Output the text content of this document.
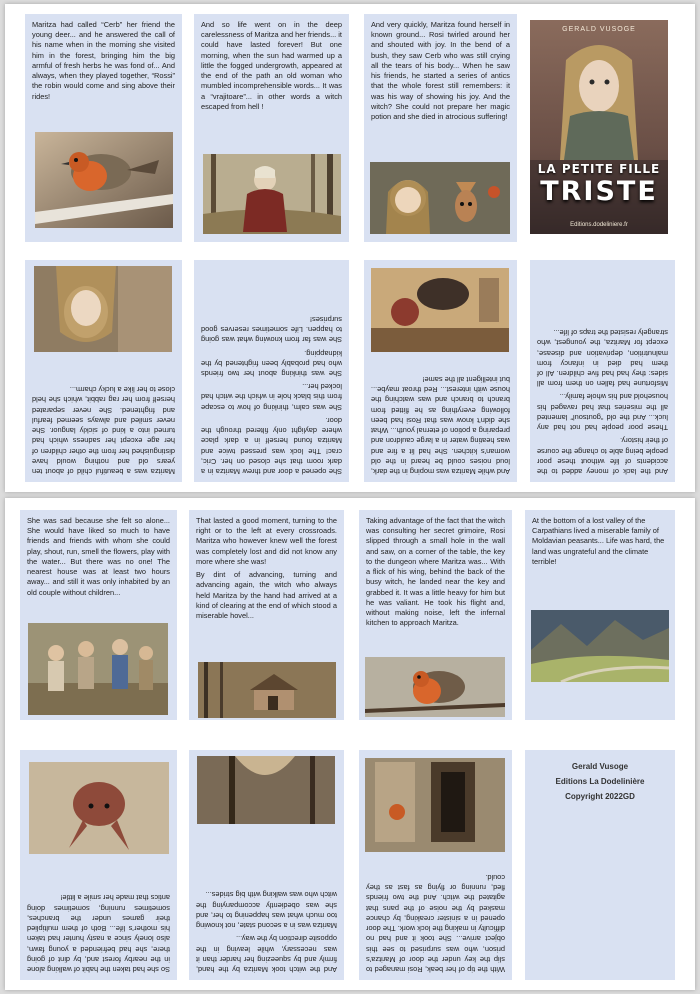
Maritza had called “Cerb” her friend the young deer... and he answered the call of his name when in the morning she visited him in the forest, bringing him the big armful of fresh herbs he was fond of... And always, when they played together, “Rossi” the robin would come and sing above their rides!
And so life went on in the deep carelessness of Maritza and her friends... it could have lasted forever! But one morning, when the sun had warmed up a little the fogged undergrowth, appeared at the end of the path an old woman who mumbled incomprehensible words... It was a “vrajitoare”... in other words a witch escaped from hell !
And very quickly, Maritza found herself in known ground... Rosi twirled around her and shouted with joy. In the bend of a bush, they saw Cerb who was still crying all the tears of his body... When he saw his friends, he started a series of antics that the whole forest still remembers: it was his way of showing his joy. And the witch? She could not prepare her magic potion and she died in atrocious suffering!
GERALD VUSOGE
LA PETITE FILLE
TRISTE
Editions.dodeliniere.fr

Maritza was a beautiful child of about ten years old and nothing would have distinguished her from the other children of her age except her sadness which had turned into a kind of sickly languor. She never smiled and always seemed fearful and frightened. She never separated herself from her rag rabbit, which she held close to her like a lucky charm...

She opened a door and threw Maritza in a dark room that she closed on her. Cric, crac! The lock was pressed twice and Maritza found herself in a dark place where daylight only filtered through the door.

She was calm, thinking of how to escape from this black hole in which the witch had locked her...

She was thinking about her two friends who had probably been frightened by the kidnapping.

She was far from knowing what was going to happen. Life sometimes reserves good surprises!

And while Maritza was moping in the dark, loud noises could be heard in the old woman’s kitchen. She had lit a fire and was heating water in a large cauldron and preparing a potion of eternal youth... What she didn’t know was that Rosi had been following everything as he flitted from branch to branch and was watching the house with interest... Red throat maybe... but intelligent all the same!

And the lack of money added to the accidents of life without these poor people being able to change the course of their history.

These poor people had not had any luck... And the old “goutsoul” lamented all the miseries that had ravaged his household and his whole family...

Misfortune had fallen on them from all sides: they had had five children. All of them had died in infancy from malnutrition, deprivation and disease, except for Maritza, the youngest, who strangely resisted the traps of life...

She was sad because she felt so alone... She would have liked so much to have friends and friends with whom she could play, shout, run, smell the flowers, play with the water... But there was no one! The nearest house was at least two hours away... and still it was only inhabited by an old couple without children...

That lasted a good moment, turning to the right or to the left at every crossroads. Maritza who however knew well the forest was completely lost and did not know any more where she was!

By dint of advancing, turning and advancing again, the witch who always held Maritza by the hand had arrived at a kind of clearing at the end of which stood a miserable hovel...

Taking advantage of the fact that the witch was consulting her secret grimoire, Rosi slipped through a small hole in the wall and saw, on a corner of the table, the key to the dungeon where Maritza was... With a flick of his wing, behind the back of the busy witch, he landed near the key and grabbed it. It was a little heavy for him but he was valiant. He took his flight and, without making noise, left the infernal kitchen to approach Maritza.
At the bottom of a lost valley of the Carpathians lived a miserable family of Moldavian peasants... Life was hard, the land was ungrateful and the climate terrible!

So she had taken the habit of walking alone in the nearby forest and, by dint of going there, she had befriended a young fawn, also lonely since a nasty hunter had taken his mother’s life... Both of them multiplied their games under the branches, sometimes running, sometimes doing antics that made her smile a little!

And the witch took Maritza by the hand, firmly and by squeezing her harder than it was necessary, while leaving in the opposite direction by the way...

Maritza was in a second state, not knowing too much what was happening to her, and she was obediently accompanying the witch who was walking with big strides...

With the tip of her beak, Rosi managed to slip the key under the door of Maritza’s prison, who was surprised to see this object arrive... She took it and had no difficulty in making the lock work. The door opened in a sinister creaking, by chance masked by the noise of the pans that agitated the witch. And the two friends fled, running or flying as fast as they could.

Gerald Vusoge
Editions La Dodelinière
Copyright 2022GD
